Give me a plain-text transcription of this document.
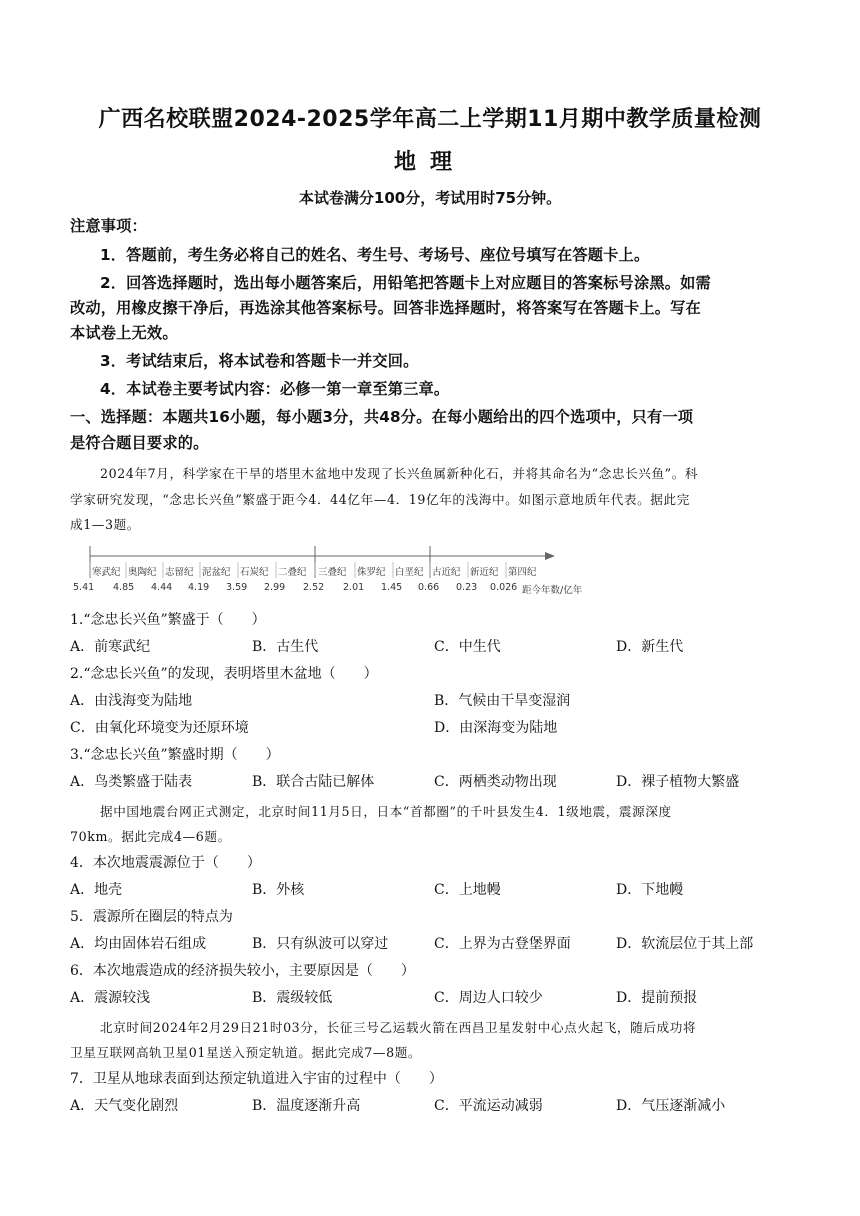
广西名校联盟2024-2025学年高二上学期11月期中教学质量检测
地理
本试卷满分100分，考试用时75分钟。
注意事项：
1．答题前，考生务必将自己的姓名、考生号、考场号、座位号填写在答题卡上。
2．回答选择题时，选出每小题答案后，用铅笔把答题卡上对应题目的答案标号涂黑。如需
改动，用橡皮擦干净后，再选涂其他答案标号。回答非选择题时，将答案写在答题卡上。写在
本试卷上无效。
3．考试结束后，将本试卷和答题卡一并交回。
4．本试卷主要考试内容：必修一第一章至第三章。
一、选择题：本题共16小题，每小题3分，共48分。在每小题给出的四个选项中，只有一项
是符合题目要求的。
2024年7月，科学家在干旱的塔里木盆地中发现了长兴鱼属新种化石，并将其命名为“念忠长兴鱼”。科
学家研究发现，“念忠长兴鱼”繁盛于距今4．44亿年—4．19亿年的浅海中。如图示意地质年代表。据此完
成1—3题。
寒武纪 奥陶纪 志留纪 泥盆纪 石炭纪 二叠纪 三叠纪 侏罗纪 白垩纪 古近纪 新近纪 第四纪
5.41 4.85 4.44 4.19 3.59 2.99 2.52 2.01 1.45 0.66 0.23 0.026 距今年数/亿年
1.“念忠长兴鱼”繁盛于（　　）
A．前寒武纪	B．古生代	C．中生代	D．新生代
2.“念忠长兴鱼”的发现，表明塔里木盆地（　　）
A．由浅海变为陆地	B．气候由干旱变湿润
C．由氧化环境变为还原环境	D．由深海变为陆地
3.“念忠长兴鱼”繁盛时期（　　）
A．鸟类繁盛于陆表	B．联合古陆已解体	C．两栖类动物出现	D．裸子植物大繁盛
据中国地震台网正式测定，北京时间11月5日，日本“首都圈”的千叶县发生4．1级地震，震源深度
70km。据此完成4—6题。
4．本次地震震源位于（　　）
A．地壳	B．外核	C．上地幔	D．下地幔
5．震源所在圈层的特点为
A．均由固体岩石组成	B．只有纵波可以穿过	C．上界为古登堡界面	D．软流层位于其上部
6．本次地震造成的经济损失较小，主要原因是（　　）
A．震源较浅	B．震级较低	C．周边人口较少	D．提前预报
北京时间2024年2月29日21时03分，长征三号乙运载火箭在西昌卫星发射中心点火起飞，随后成功将
卫星互联网高轨卫星01星送入预定轨道。据此完成7—8题。
7．卫星从地球表面到达预定轨道进入宇宙的过程中（　　）
A．天气变化剧烈	B．温度逐渐升高	C．平流运动减弱	D．气压逐渐减小
